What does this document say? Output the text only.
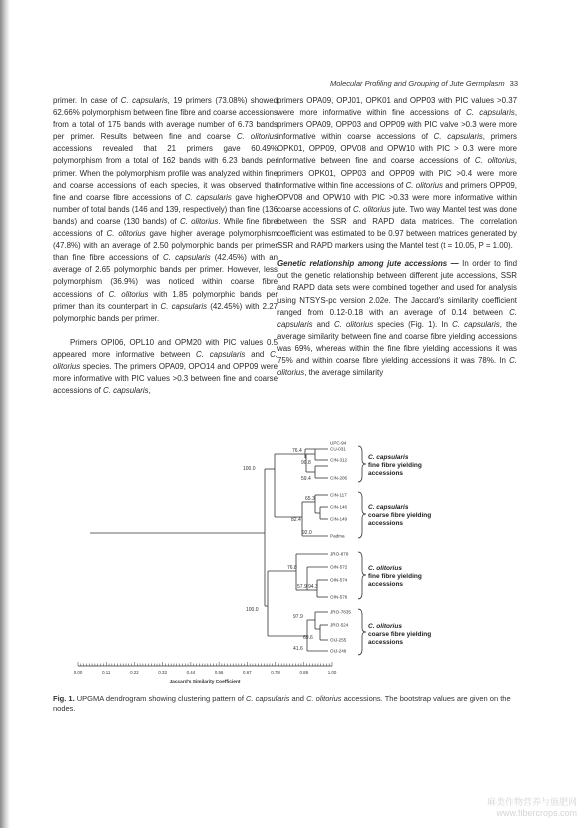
Molecular Profiling and Grouping of Jute Germplasm 33

primer. In case of C. capsularis, 19 primers (73.08%) showed 62.66% polymorphism between fine fibre and coarse accessions from a total of 175 bands with average number of 6.73 bands per primer. Results between fine and coarse C. olitorius accessions revealed that 21 primers gave 60.49% polymorphism from a total of 162 bands with 6.23 bands per primer. When the polymorphism profile was analyzed within fine and coarse accessions of each species, it was observed that fine and coarse fibre accessions of C. capsularis gave higher number of total bands (146 and 139, respectively) than fine (136 bands) and coarse (130 bands) of C. olitorius. While fine fibre accessions of C. olitorius gave higher average polymorphism (47.8%) with an average of 2.50 polymorphic bands per primer than fine fibre accessions of C. capsularis (42.45%) with an average of 2.65 polymorphic bands per primer. However, less polymorphism (36.9%) was noticed within coarse fibre accessions of C. olitorius with 1.85 polymorphic bands per primer than its counterpart in C. capsularis (42.45%) with 2.27 polymorphic bands per primer.

Primers OPI06, OPL10 and OPM20 with PIC values 0.5 appeared more informative between C. capsularis and C. olitorius species. The primers OPA09, OPO14 and OPP09 were more informative with PIC values >0.3 between fine and coarse accessions of C. capsularis,

primers OPA09, OPJ01, OPK01 and OPP03 with PIC values >0.37 were more informative within fine accessions of C. capsularis, primers OPA09, OPP03 and OPP09 with PIC valve >0.3 were more informative within coarse accessions of C. capsularis, primers OPK01, OPP09, OPV08 and OPW10 with PIC > 0.3 were more informative between fine and coarse accessions of C. olitorius, primers OPK01, OPP03 and OPP09 with PIC >0.4 were more informative within fine accessions of C. olitorius and primers OPP09, OPV08 and OPW10 with PIC >0.33 were more informative within coarse accessions of C. olitorius jute. Two way Mantel test was done between the SSR and RAPD data matrices. The correlation coefficient was estimated to be 0.97 between matrices generated by SSR and RAPD markers using the Mantel test (t = 10.05, P = 1.00).

Genetic relationship among jute accessions — In order to find out the genetic relationship between different jute accessions, SSR and RAPD data sets were combined together and used for analysis using NTSYS-pc version 2.02e. The Jaccard's similarity coefficient ranged from 0.12-0.18 with an average of 0.14 between C. capsularis and C. olitorius species (Fig. 1). In C. capsularis, the average similarity between fine and coarse fibre yielding accessions was 69%, whereas within the fine fibre yielding accessions it was 75% and within coarse fibre yielding accessions it was 78%. In C. olitorius, the average similarity

UPC-94
CU-031
CIN-312
CIN-206
CIN-117
CIN-146
CIN-149
Padma
JRO-878
OIN-572
OIN-574
OIN-576
JRO-7835
JRO-524
OIJ-255
OIJ-249
100.0
76.4
90.8
59.4
65.3
82.4
92.0
76.8
57.9 94.3
100.0
97.9
69.6
41.6
C. capsularis
fine fibre yielding
accessions
C. capsularis
coarse fibre yielding
accessions
C. olitorius
fine fibre yielding
accessions
C. olitorius
coarse fibre yielding
accessions
0.00	0.11	0.22	0.33	0.44	0.56	0.67	0.78	0.89	1.00
Jaccard's Similarity Coefficient
Fig. 1. UPGMA dendrogram showing clustering pattern of C. capsularis and C. olitorius accessions. The bootstrap values are given on the nodes.
麻类作物营养与施肥网
www.fibercrops.com
